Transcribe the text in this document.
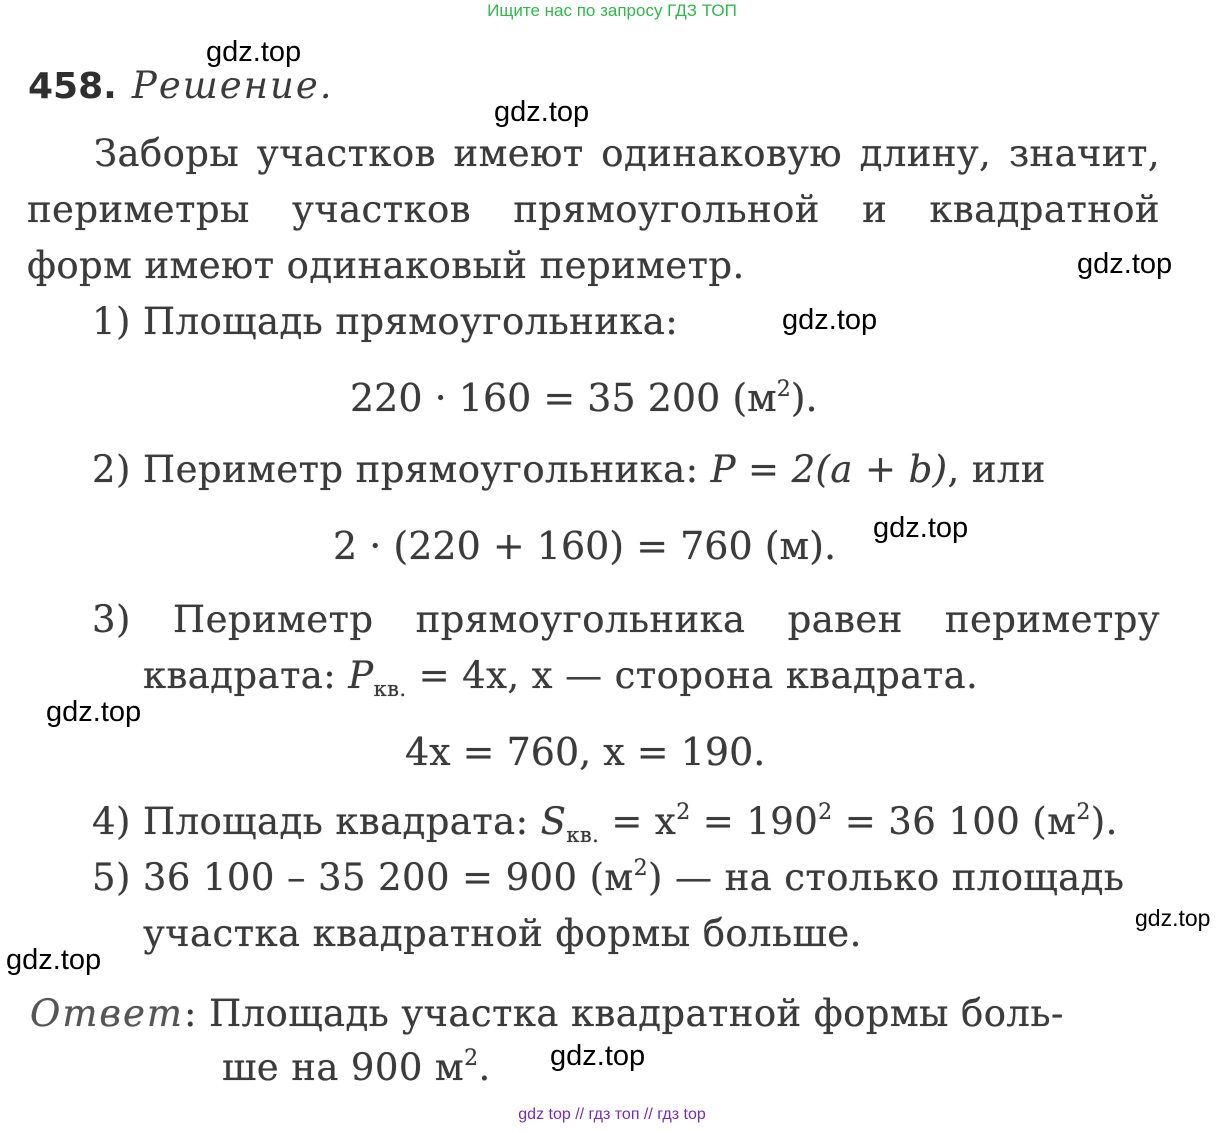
Ищите нас по запросу ГДЗ ТОП
gdz.top
gdz.top
gdz.top
gdz.top
gdz.top
gdz.top
gdz.top
gdz.top
gdz.top
458. Решение.
Заборы участков имеют одинаковую длину, значит,
периметры участков прямоугольной и квадратной
форм имеют одинаковый периметр.
1) Площадь прямоугольника:
220 · 160 = 35 200 $(м^2)$.
2) Периметр прямоугольника: P = 2(a + b), или
2 · (220 + 160) = 760 (м).
3) Периметр прямоугольника равен периметру
квадрата: $P_{кв.} = 4x$, x — сторона квадрата.
4x = 760, x = 190.
4) Площадь квадрата: $S_{кв.} = x^2 = 190^2 = 36$ 100 $(м^2)$.
5) 36 100 – 35 200 = 900 $(м^2)$ — на столько площадь
участка квадратной формы больше.
Ответ: Площадь участка квадратной формы боль-
ше на 900 $м^2$.
gdz top // гдз топ // гдз top
